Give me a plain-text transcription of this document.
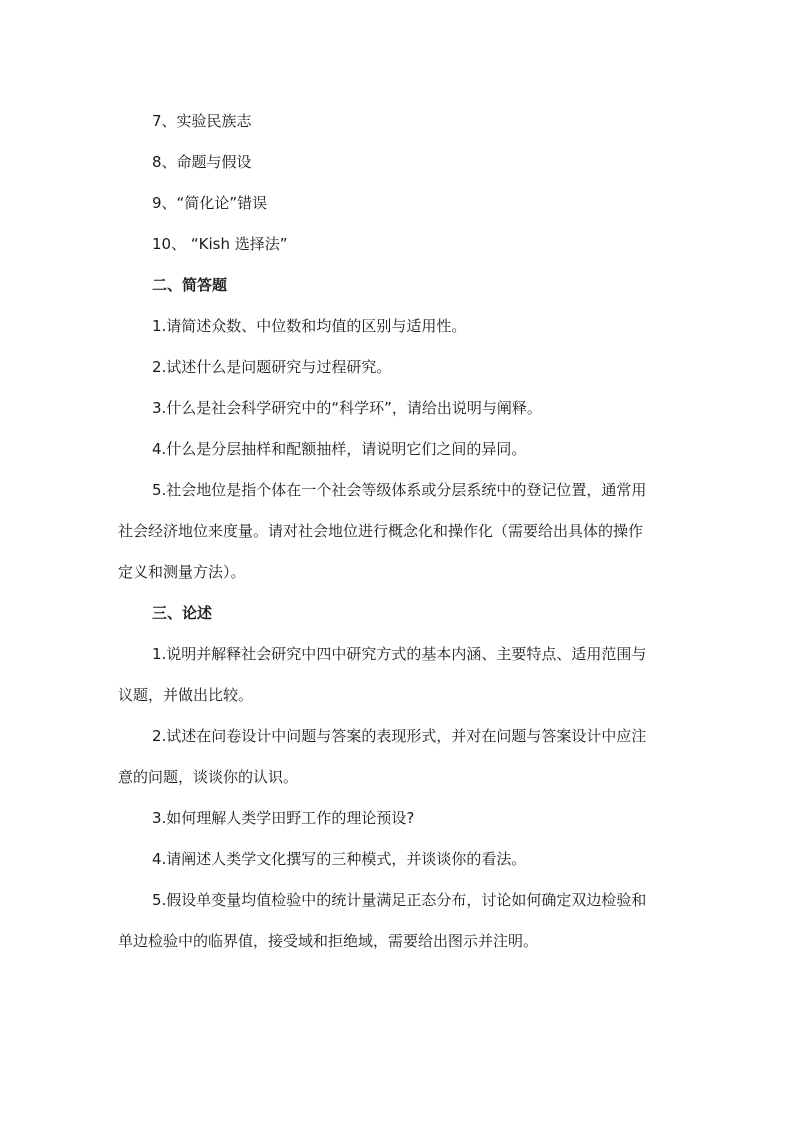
7、实验民族志

8、命题与假设

9、“简化论”错误

10、 “Kish 选择法”

二、简答题

1.请简述众数、中位数和均值的区别与适用性。

2.试述什么是问题研究与过程研究。

3.什么是社会科学研究中的“科学环”，请给出说明与阐释。

4.什么是分层抽样和配额抽样，请说明它们之间的异同。

5.社会地位是指个体在一个社会等级体系或分层系统中的登记位置，通常用

社会经济地位来度量。请对社会地位进行概念化和操作化（需要给出具体的操作

定义和测量方法）。

三、论述

1.说明并解释社会研究中四中研究方式的基本内涵、主要特点、适用范围与

议题，并做出比较。

2.试述在问卷设计中问题与答案的表现形式，并对在问题与答案设计中应注

意的问题，谈谈你的认识。

3.如何理解人类学田野工作的理论预设?

4.请阐述人类学文化撰写的三种模式，并谈谈你的看法。

5.假设单变量均值检验中的统计量满足正态分布，讨论如何确定双边检验和

单边检验中的临界值，接受域和拒绝域，需要给出图示并注明。
